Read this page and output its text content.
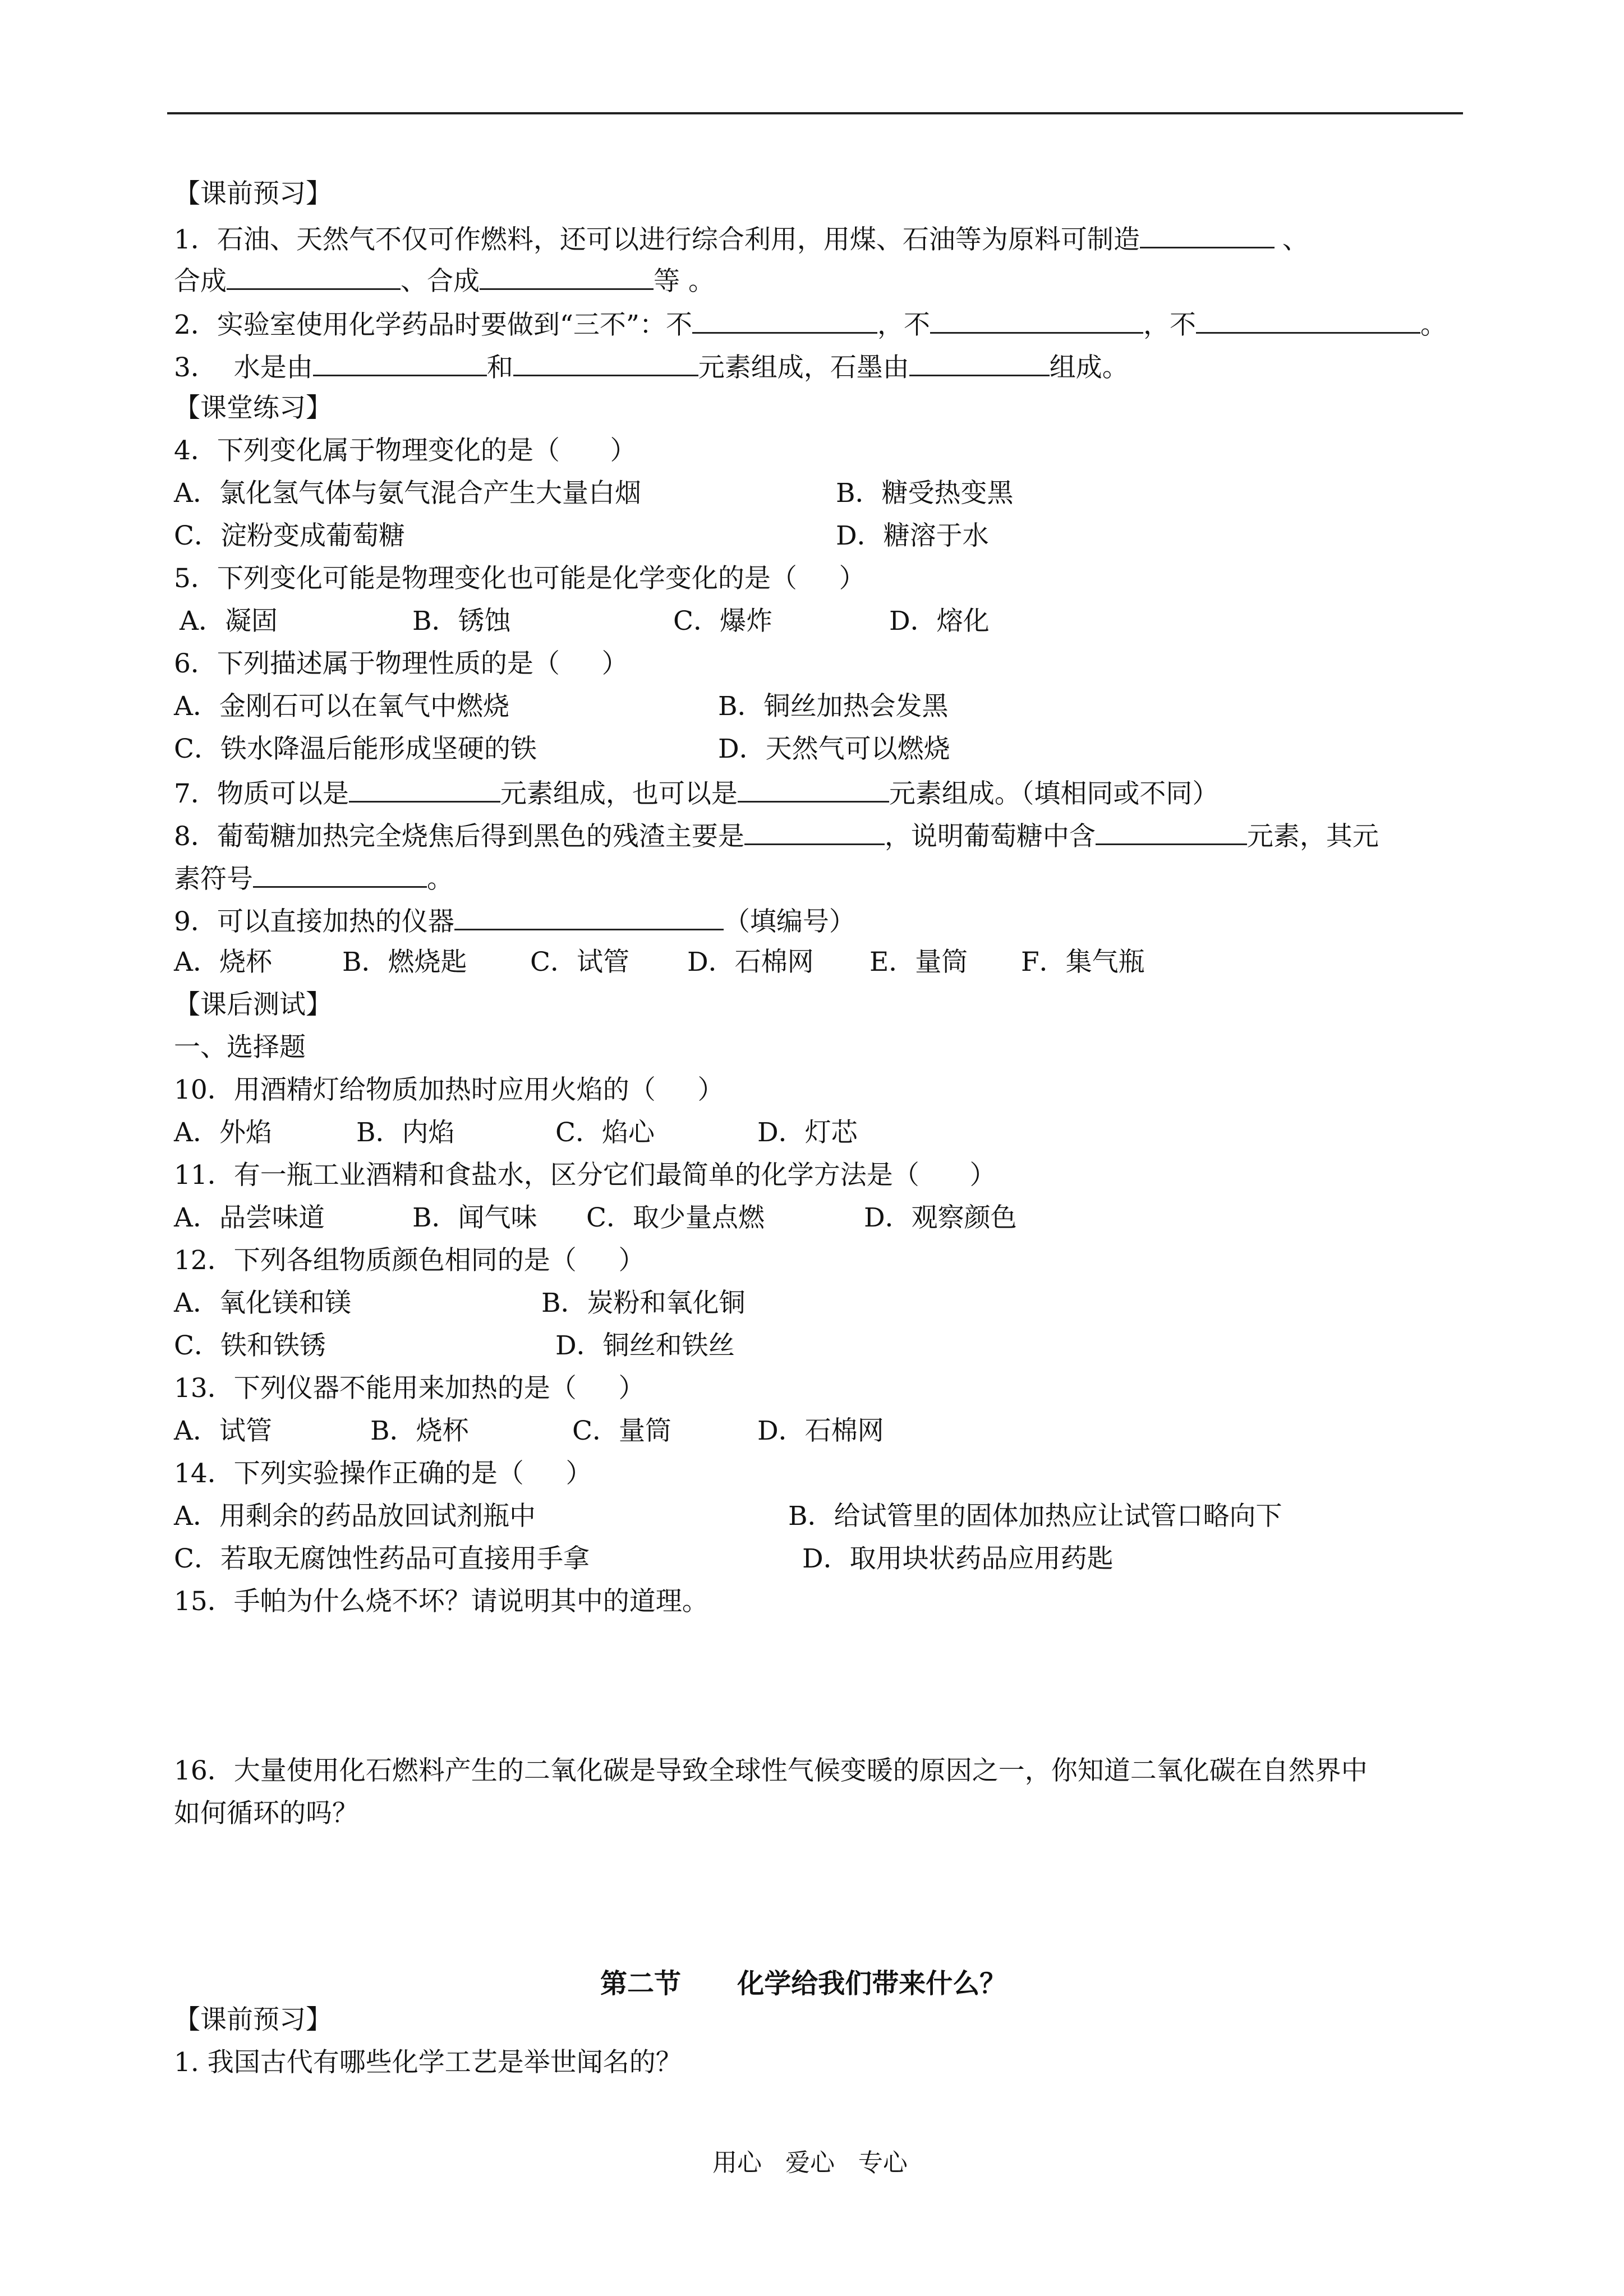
【课前预习】
1．石油、天然气不仅可作燃料，还可以进行综合利用，用煤、石油等为原料可制造	、
合成	、合成	等 。
2．实验室使用化学药品时要做到“三不”：不	，不	，不	。
3．  水是由	和	元素组成，石墨由	组成。
【课堂练习】
4．下列变化属于物理变化的是（      ）
A．氯化氢气体与氨气混合产生大量白烟	B．糖受热变黑
C．淀粉变成葡萄糖	D．糖溶于水
5．下列变化可能是物理变化也可能是化学变化的是（     ）
A．凝固	B．锈蚀	C．爆炸	D．熔化
6．下列描述属于物理性质的是（     ）
A．金刚石可以在氧气中燃烧	B．铜丝加热会发黑
C．铁水降温后能形成坚硬的铁	D．天然气可以燃烧
7．物质可以是	元素组成，也可以是	元素组成。（填相同或不同）
8．葡萄糖加热完全烧焦后得到黑色的残渣主要是	，说明葡萄糖中含	元素，其元
素符号	。
9．可以直接加热的仪器	（填编号）
A．烧杯	B．燃烧匙 C．试管 D．石棉网 E．量筒 F．集气瓶
【课后测试】
一、选择题
10．用酒精灯给物质加热时应用火焰的（     ）
A．外焰	B．内焰	C．焰心	D．灯芯
11．有一瓶工业酒精和食盐水，区分它们最简单的化学方法是（      ）
A．品尝味道	B．闻气味 C．取少量点燃	D．观察颜色
12．下列各组物质颜色相同的是（     ）
A．氧化镁和镁	B．炭粉和氧化铜
C．铁和铁锈	D．铜丝和铁丝
13．下列仪器不能用来加热的是（     ）
A．试管	B．烧杯	C．量筒	D．石棉网
14．下列实验操作正确的是（     ）
A．用剩余的药品放回试剂瓶中	B．给试管里的固体加热应让试管口略向下
C．若取无腐蚀性药品可直接用手拿	D．取用块状药品应用药匙
15．手帕为什么烧不坏？请说明其中的道理。
16．大量使用化石燃料产生的二氧化碳是导致全球性气候变暖的原因之一，你知道二氧化碳在自然界中
如何循环的吗？
第二节      化学给我们带来什么？
【课前预习】
1. 我国古代有哪些化学工艺是举世闻名的？
用心   爱心   专心
